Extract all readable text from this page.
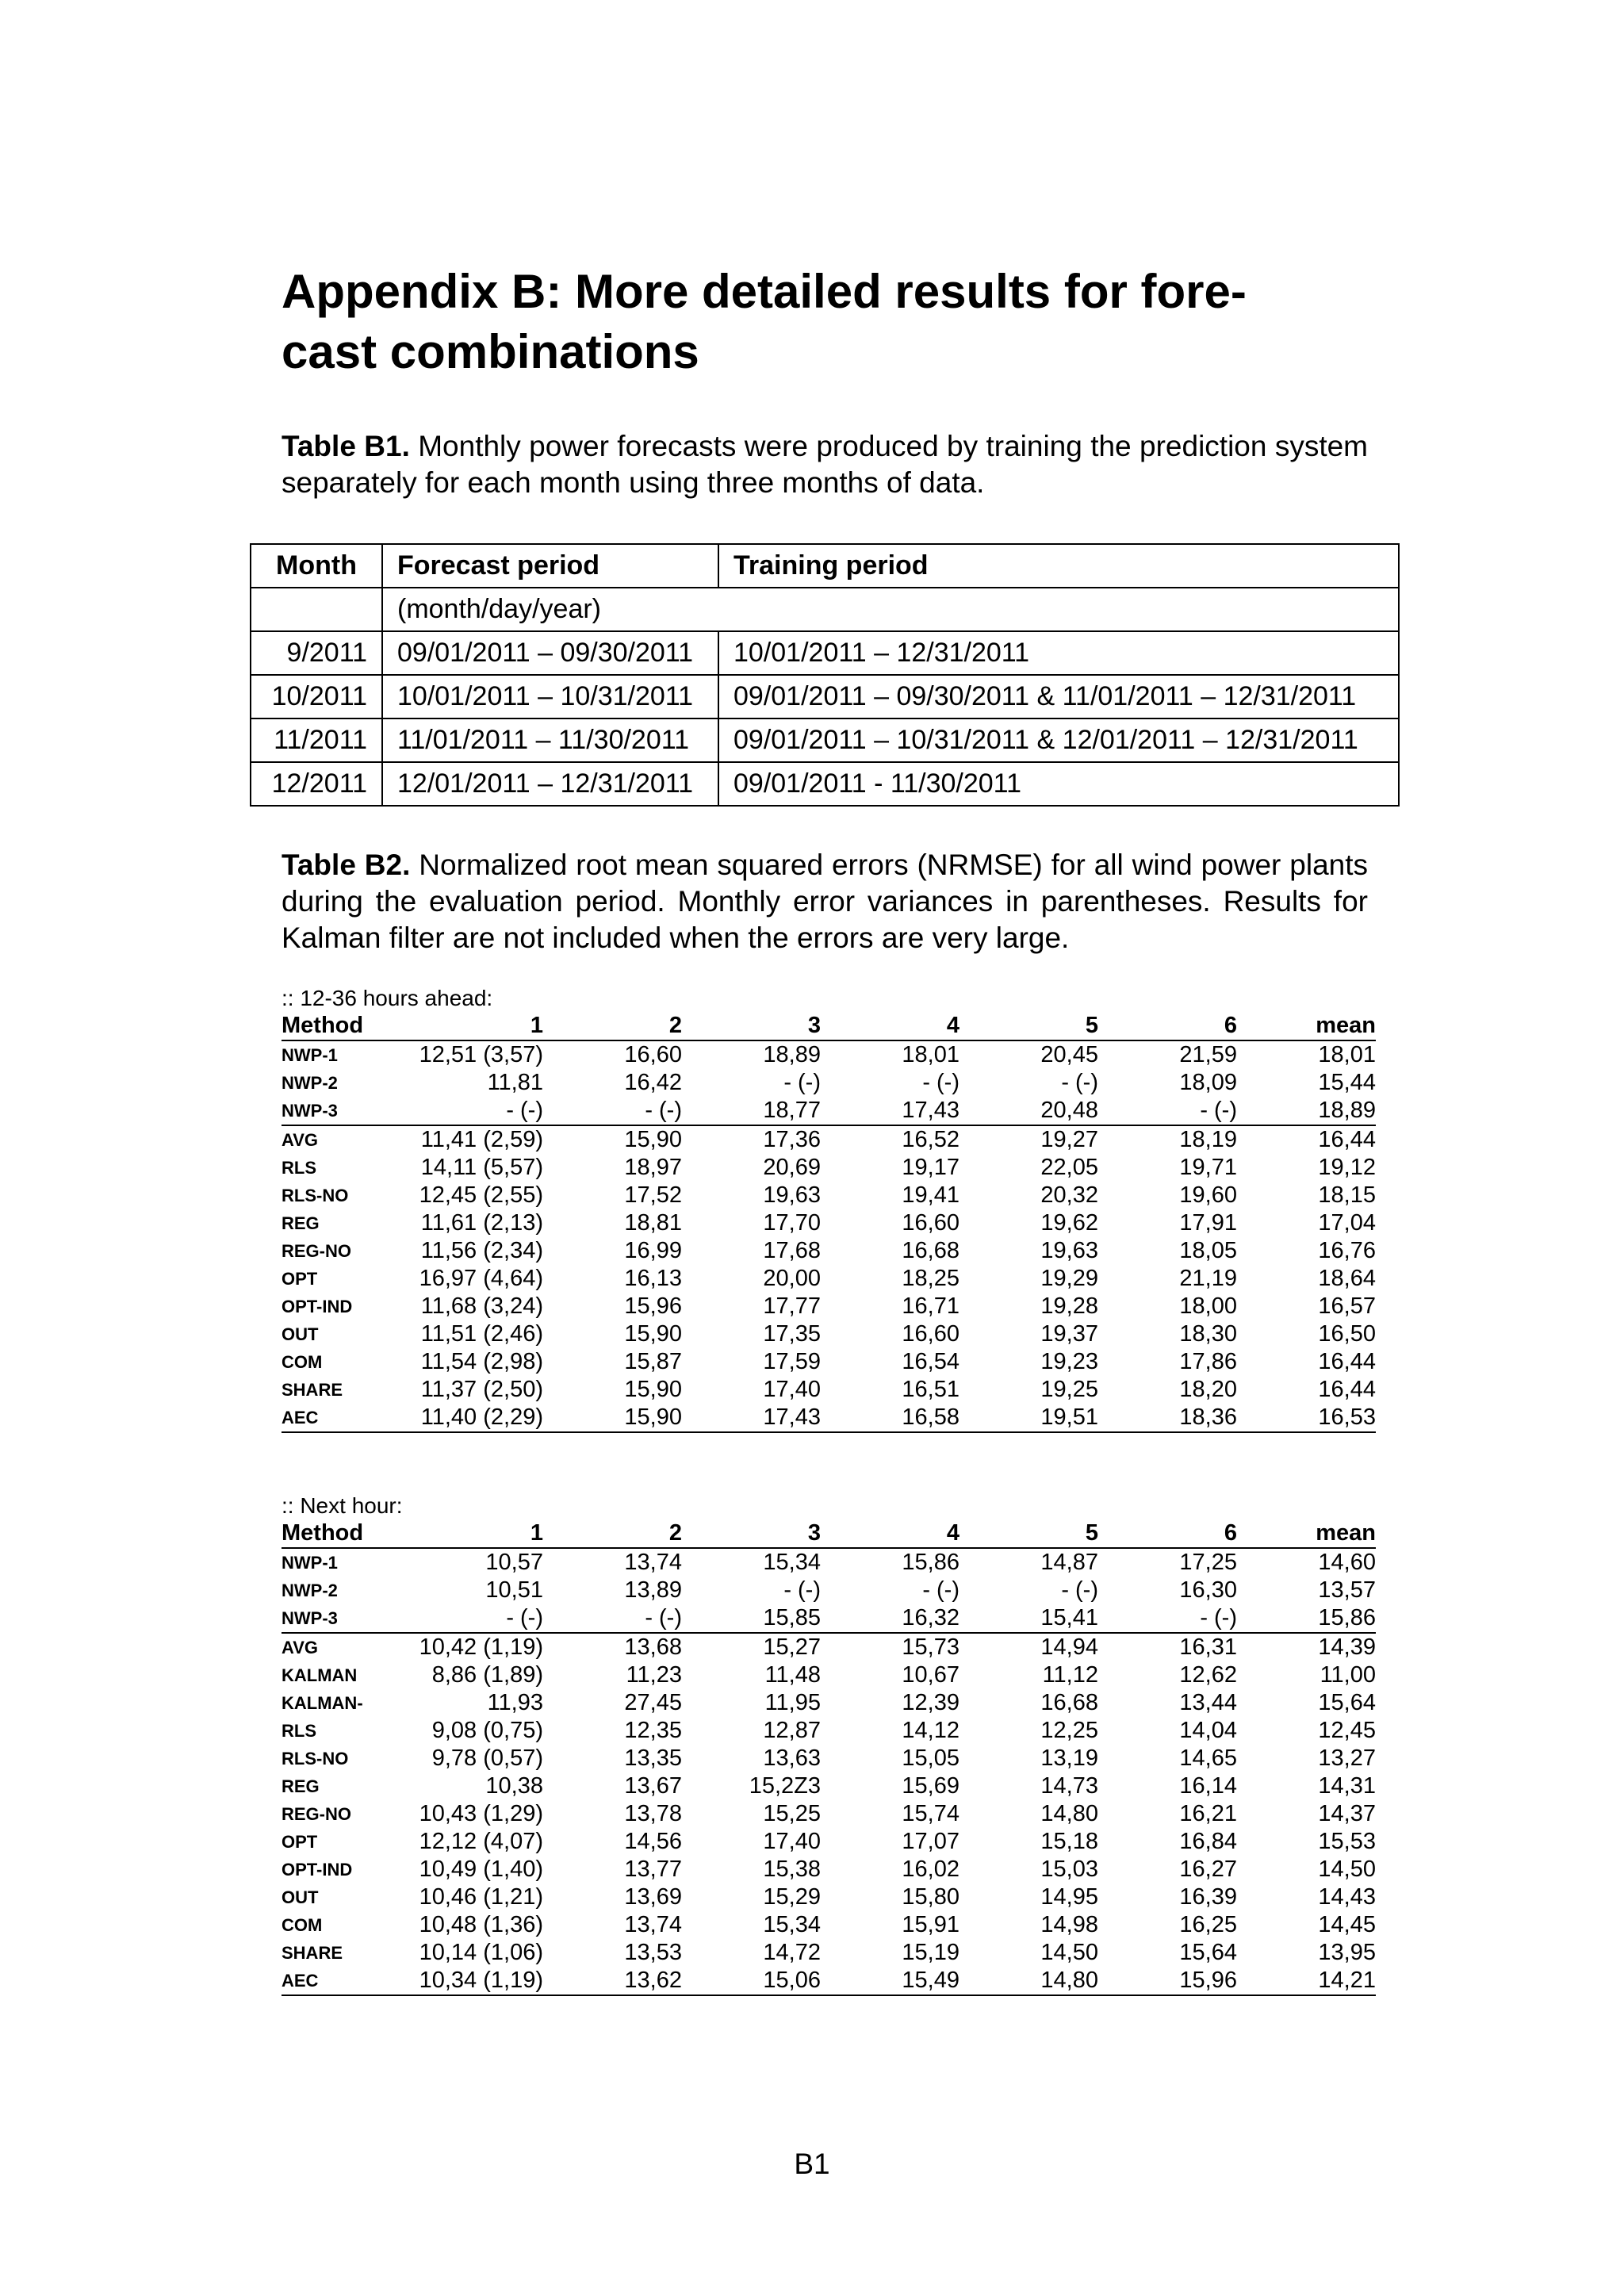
Appendix B: More detailed results for fore-
cast combinations

Table B1. Monthly power forecasts were produced by training the prediction system separately for each month using three months of data.

Month	Forecast period	Training period
	(month/day/year)	
9/2011	09/01/2011 – 09/30/2011	10/01/2011 – 12/31/2011
10/2011	10/01/2011 – 10/31/2011	09/01/2011 – 09/30/2011 & 11/01/2011 – 12/31/2011
11/2011	11/01/2011 – 11/30/2011	09/01/2011 – 10/31/2011 & 12/01/2011 – 12/31/2011
12/2011	12/01/2011 – 12/31/2011	09/01/2011 - 11/30/2011

Table B2. Normalized root mean squared errors (NRMSE) for all wind power plants during the evaluation period. Monthly error variances in parentheses. Results for Kalman filter are not included when the errors are very large.

:: 12-36 hours ahead:
Method	1	2	3	4	5	6	mean
NWP-1	12,51 (3,57)	16,60	18,89	18,01	20,45	21,59	18,01
NWP-2	11,81	16,42	- (-)	- (-)	- (-)	18,09	15,44
NWP-3	- (-)	- (-)	18,77	17,43	20,48	- (-)	18,89
AVG	11,41 (2,59)	15,90	17,36	16,52	19,27	18,19	16,44
RLS	14,11 (5,57)	18,97	20,69	19,17	22,05	19,71	19,12
RLS-NO	12,45 (2,55)	17,52	19,63	19,41	20,32	19,60	18,15
REG	11,61 (2,13)	18,81	17,70	16,60	19,62	17,91	17,04
REG-NO	11,56 (2,34)	16,99	17,68	16,68	19,63	18,05	16,76
OPT	16,97 (4,64)	16,13	20,00	18,25	19,29	21,19	18,64
OPT-IND	11,68 (3,24)	15,96	17,77	16,71	19,28	18,00	16,57
OUT	11,51 (2,46)	15,90	17,35	16,60	19,37	18,30	16,50
COM	11,54 (2,98)	15,87	17,59	16,54	19,23	17,86	16,44
SHARE	11,37 (2,50)	15,90	17,40	16,51	19,25	18,20	16,44
AEC	11,40 (2,29)	15,90	17,43	16,58	19,51	18,36	16,53
:: Next hour:
Method	1	2	3	4	5	6	mean
NWP-1	10,57	13,74	15,34	15,86	14,87	17,25	14,60
NWP-2	10,51	13,89	- (-)	- (-)	- (-)	16,30	13,57
NWP-3	- (-)	- (-)	15,85	16,32	15,41	- (-)	15,86
AVG	10,42 (1,19)	13,68	15,27	15,73	14,94	16,31	14,39
KALMAN	8,86 (1,89)	11,23	11,48	10,67	11,12	12,62	11,00
KALMAN-	11,93	27,45	11,95	12,39	16,68	13,44	15,64
RLS	9,08 (0,75)	12,35	12,87	14,12	12,25	14,04	12,45
RLS-NO	9,78 (0,57)	13,35	13,63	15,05	13,19	14,65	13,27
REG	10,38	13,67	15,2Z3	15,69	14,73	16,14	14,31
REG-NO	10,43 (1,29)	13,78	15,25	15,74	14,80	16,21	14,37
OPT	12,12 (4,07)	14,56	17,40	17,07	15,18	16,84	15,53
OPT-IND	10,49 (1,40)	13,77	15,38	16,02	15,03	16,27	14,50
OUT	10,46 (1,21)	13,69	15,29	15,80	14,95	16,39	14,43
COM	10,48 (1,36)	13,74	15,34	15,91	14,98	16,25	14,45
SHARE	10,14 (1,06)	13,53	14,72	15,19	14,50	15,64	13,95
AEC	10,34 (1,19)	13,62	15,06	15,49	14,80	15,96	14,21
B1
